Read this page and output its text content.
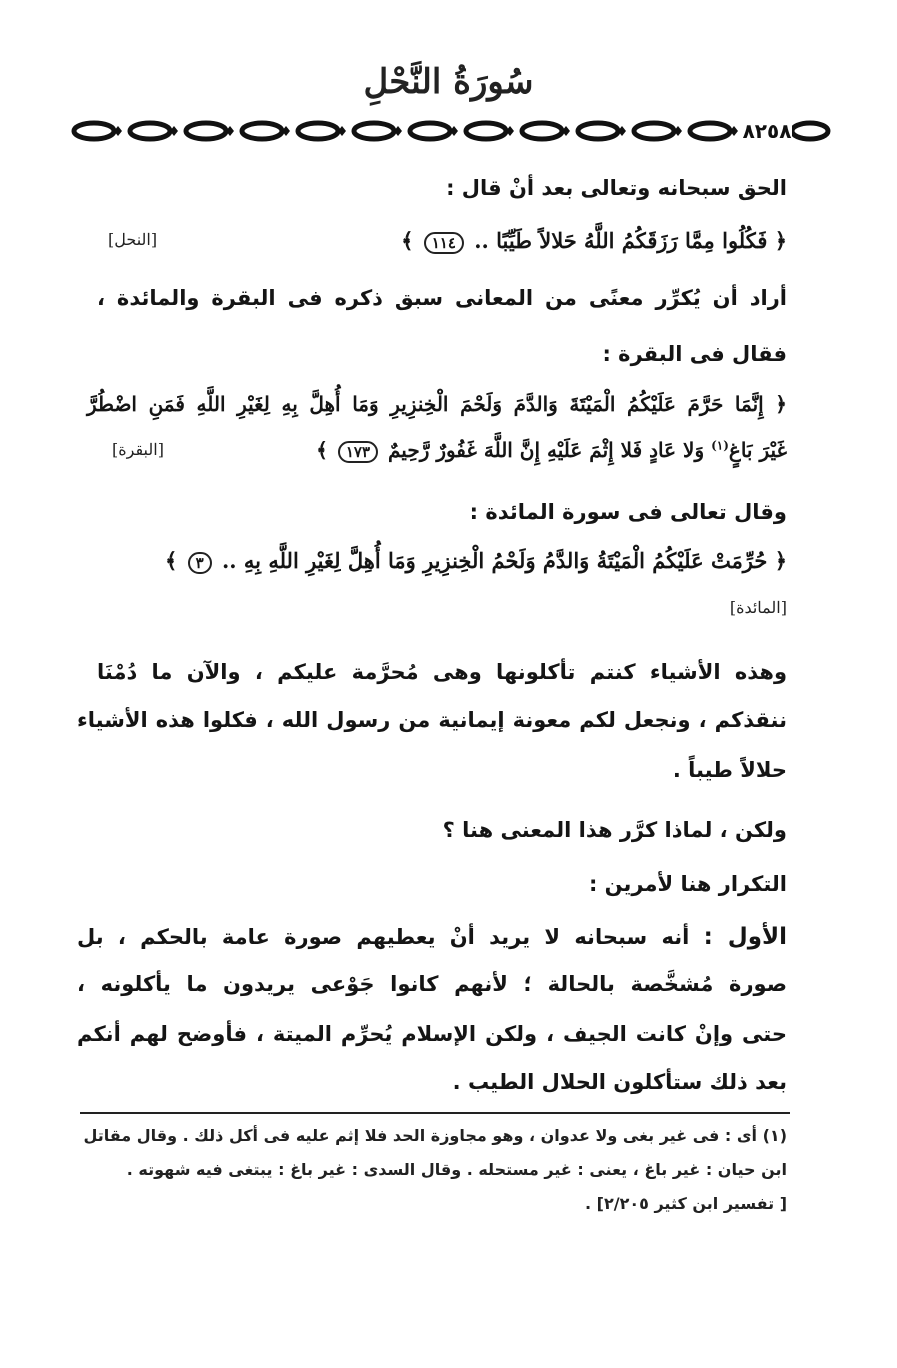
سُورَةُ النَّحْلِ
٨٢٥٨
الحق سبحانه وتعالى بعد أنْ قال :
﴿ فَكُلُوا مِمَّا رَزَقَكُمُ اللَّهُ حَلالاً طَيِّبًا .. ١١٤ ﴾
[النحل]
أراد أن يُكرِّر معنًى من المعانى سبق ذكره فى البقرة والمائدة ،
فقال فى البقرة :
﴿ إِنَّمَا حَرَّمَ عَلَيْكُمُ الْمَيْتَةَ وَالدَّمَ وَلَحْمَ الْخِنزِيرِ وَمَا أُهِلَّ بِهِ لِغَيْرِ اللَّهِ فَمَنِ اضْطُرَّ
غَيْرَ بَاغٍ$^{(١)}$ وَلا عَادٍ فَلا إِثْمَ عَلَيْهِ إِنَّ اللَّهَ غَفُورٌ رَّحِيمٌ ١٧٣ ﴾
[البقرة]
وقال تعالى فى سورة المائدة :
﴿ حُرِّمَتْ عَلَيْكُمُ الْمَيْتَةُ وَالدَّمُ وَلَحْمُ الْخِنزِيرِ وَمَا أُهِلَّ لِغَيْرِ اللَّهِ بِهِ .. ٣ ﴾
[المائدة]
وهذه الأشياء كنتم تأكلونها وهى مُحرَّمة عليكم ، والآن ما دُمْنَا
ننقذكم ، ونجعل لكم معونة إيمانية من رسول الله ، فكلوا هذه الأشياء
حلالاً طيباً .
ولكن ، لماذا كرَّر هذا المعنى هنا ؟
التكرار هنا لأمرين :
الأول : أنه سبحانه لا يريد أنْ يعطيهم صورة عامة بالحكم ، بل
صورة مُشخَّصة بالحالة ؛ لأنهم كانوا جَوْعى يريدون ما يأكلونه ،
حتى وإنْ كانت الجيف ، ولكن الإسلام يُحرِّم الميتة ، فأوضح لهم أنكم
بعد ذلك ستأكلون الحلال الطيب .
(١) أى : فى غير بغى ولا عدوان ، وهو مجاوزة الحد فلا إثم عليه فى أكل ذلك . وقال مقاتل
ابن حيان : غير باغ ، يعنى : غير مستحله . وقال السدى : غير باغ : يبتغى فيه شهوته .
[ تفسير ابن كثير ٢/٢٠٥] .
